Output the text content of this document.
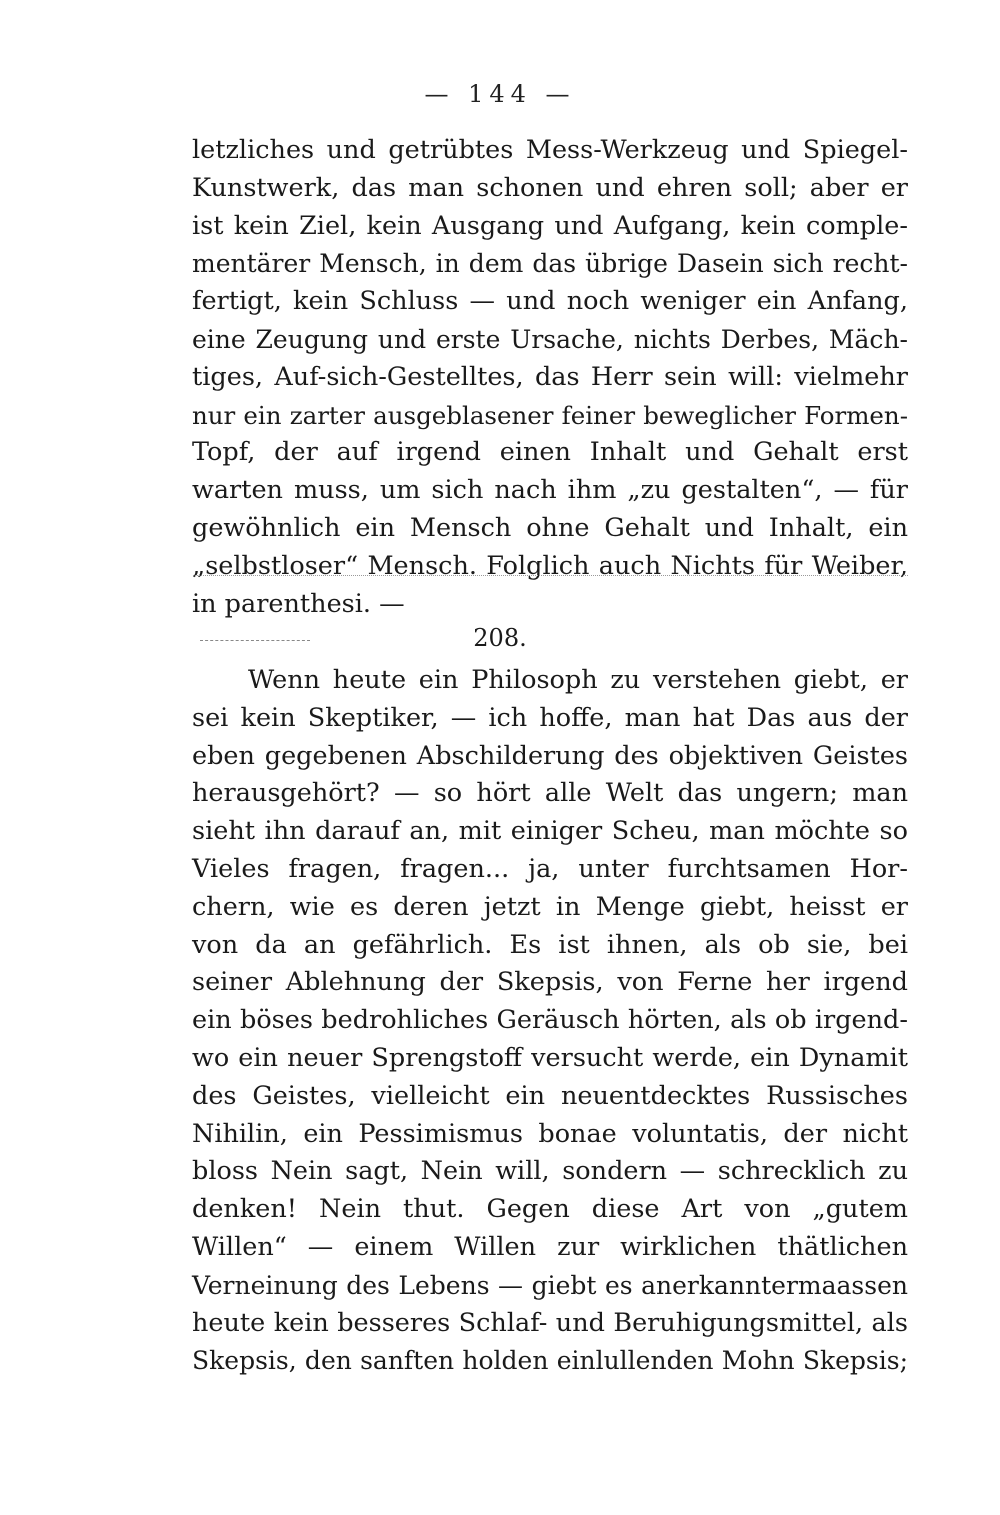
— 144 —
letzliches und getrübtes Mess-Werkzeug und Spiegel-
Kunstwerk, das man schonen und ehren soll; aber er
ist kein Ziel, kein Ausgang und Aufgang, kein comple-
mentärer Mensch, in dem das übrige Dasein sich recht-
fertigt, kein Schluss — und noch weniger ein Anfang,
eine Zeugung und erste Ursache, nichts Derbes, Mäch-
tiges, Auf-sich-Gestelltes, das Herr sein will: vielmehr
nur ein zarter ausgeblasener feiner beweglicher Formen-
Topf, der auf irgend einen Inhalt und Gehalt erst
warten muss, um sich nach ihm „zu gestalten“, — für
gewöhnlich ein Mensch ohne Gehalt und Inhalt, ein
„selbstloser“ Mensch. Folglich auch Nichts für Weiber,
in parenthesi. —
208.
Wenn heute ein Philosoph zu verstehen giebt, er
sei kein Skeptiker, — ich hoffe, man hat Das aus der
eben gegebenen Abschilderung des objektiven Geistes
herausgehört? — so hört alle Welt das ungern; man
sieht ihn darauf an, mit einiger Scheu, man möchte so
Vieles fragen, fragen... ja, unter furchtsamen Hor-
chern, wie es deren jetzt in Menge giebt, heisst er
von da an gefährlich. Es ist ihnen, als ob sie, bei
seiner Ablehnung der Skepsis, von Ferne her irgend
ein böses bedrohliches Geräusch hörten, als ob irgend-
wo ein neuer Sprengstoff versucht werde, ein Dynamit
des Geistes, vielleicht ein neuentdecktes Russisches
Nihilin, ein Pessimismus bonae voluntatis, der nicht
bloss Nein sagt, Nein will, sondern — schrecklich zu
denken! Nein thut. Gegen diese Art von „gutem
Willen“ — einem Willen zur wirklichen thätlichen
Verneinung des Lebens — giebt es anerkanntermaassen
heute kein besseres Schlaf- und Beruhigungsmittel, als
Skepsis, den sanften holden einlullenden Mohn Skepsis;
